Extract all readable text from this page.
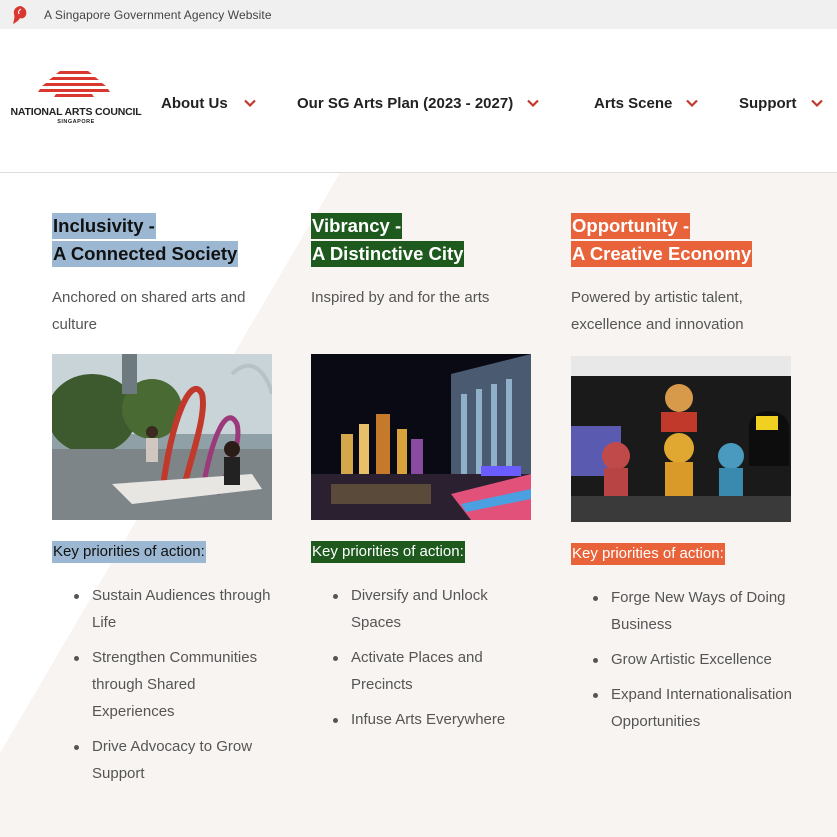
A Singapore Government Agency Website
NATIONAL ARTS COUNCIL
SINGAPORE
About Us	Our SG Arts Plan (2023 - 2027)	Arts Scene	Support
Inclusivity -
A Connected Society
Anchored on shared arts and culture
Key priorities of action:
Sustain Audiences through Life
Strengthen Communities through Shared Experiences
Drive Advocacy to Grow Support
Vibrancy -
A Distinctive City
Inspired by and for the arts
Key priorities of action:
Diversify and Unlock Spaces
Activate Places and Precincts
Infuse Arts Everywhere
Opportunity -
A Creative Economy
Powered by artistic talent, excellence and innovation
Key priorities of action:
Forge New Ways of Doing Business
Grow Artistic Excellence
Expand Internationalisation Opportunities
